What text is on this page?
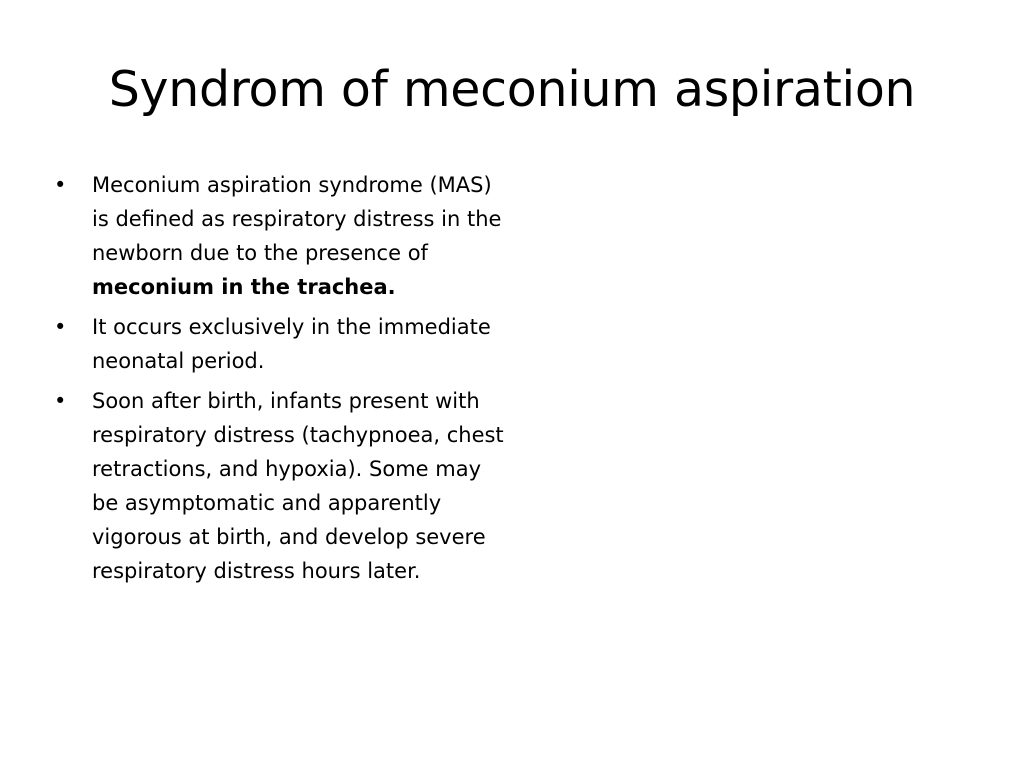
Syndrom of meconium aspiration
•	Meconium aspiration syndrome (MAS) is defined as respiratory distress in the newborn due to the presence of meconium in the trachea.
•	It occurs exclusively in the immediate neonatal period.
•	Soon after birth, infants present with respiratory distress (tachypnoea, chest retractions, and hypoxia). Some may be asymptomatic and apparently vigorous at birth, and develop severe respiratory distress hours later.
